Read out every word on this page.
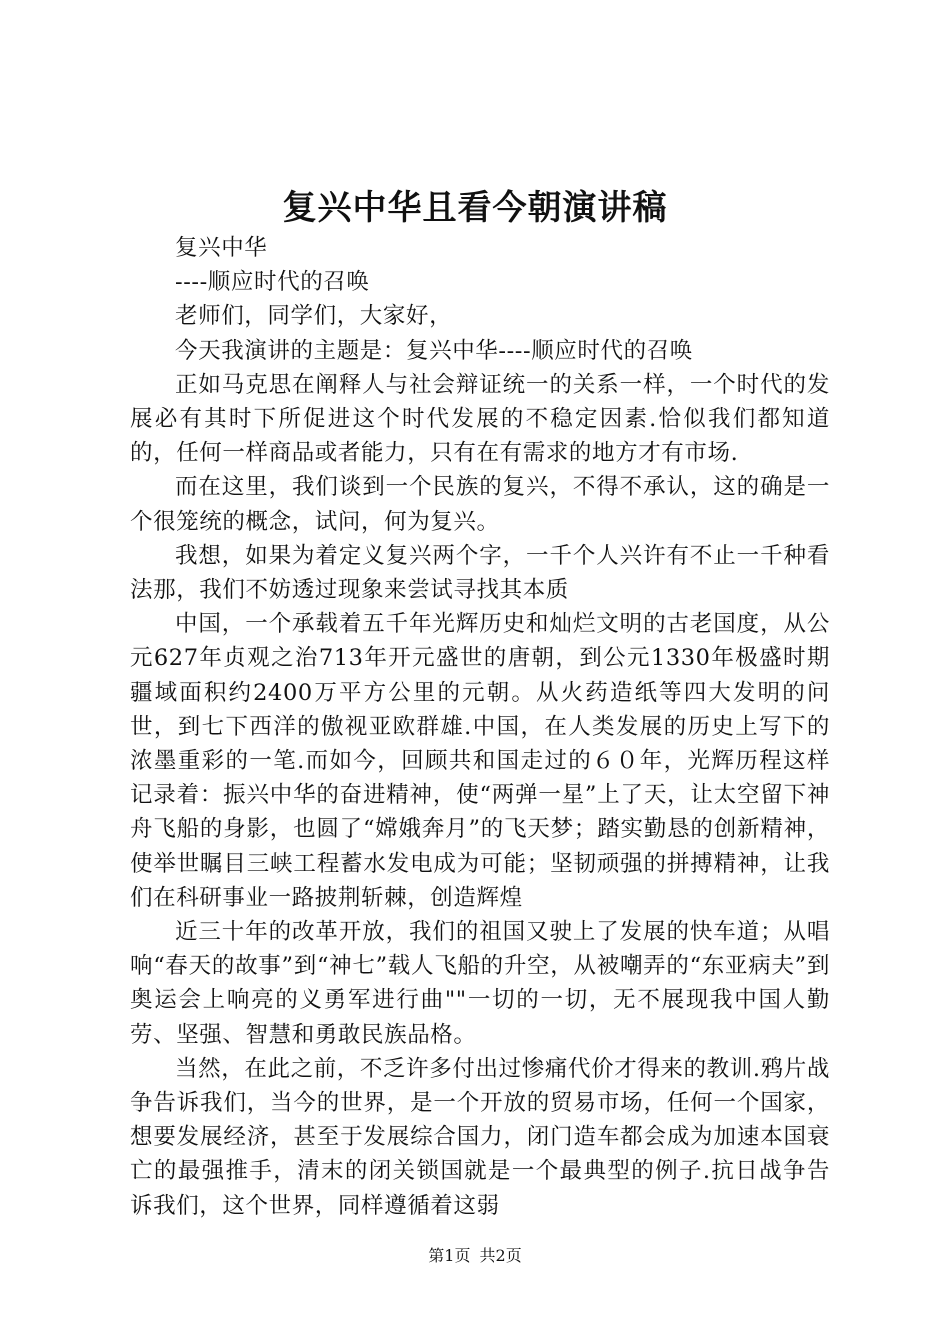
复兴中华且看今朝演讲稿

复兴中华

----顺应时代的召唤

老师们，同学们，大家好，

今天我演讲的主题是：复兴中华----顺应时代的召唤

正如马克思在阐释人与社会辩证统一的关系一样，一个时代的发展必有其时下所促进这个时代发展的不稳定因素.恰似我们都知道的，任何一样商品或者能力，只有在有需求的地方才有市场.

而在这里，我们谈到一个民族的复兴，不得不承认，这的确是一个很笼统的概念，试问，何为复兴。

我想，如果为着定义复兴两个字，一千个人兴许有不止一千种看法那，我们不妨透过现象来尝试寻找其本质

中国，一个承载着五千年光辉历史和灿烂文明的古老国度，从公元627年贞观之治713年开元盛世的唐朝，到公元1330年极盛时期疆域面积约2400万平方公里的元朝。从火药造纸等四大发明的问世，到七下西洋的傲视亚欧群雄.中国，在人类发展的历史上写下的浓墨重彩的一笔.而如今，回顾共和国走过的６０年，光辉历程这样记录着：振兴中华的奋进精神，使“两弹一星”上了天，让太空留下神舟飞船的身影，也圆了“嫦娥奔月”的飞天梦；踏实勤恳的创新精神，使举世瞩目三峡工程蓄水发电成为可能；坚韧顽强的拼搏精神，让我们在科研事业一路披荆斩棘，创造辉煌

近三十年的改革开放，我们的祖国又驶上了发展的快车道；从唱响“春天的故事”到“神七”载人飞船的升空，从被嘲弄的“东亚病夫”到奥运会上响亮的义勇军进行曲""一切的一切，无不展现我中国人勤劳、坚强、智慧和勇敢民族品格。

当然，在此之前，不乏许多付出过惨痛代价才得来的教训.鸦片战争告诉我们，当今的世界，是一个开放的贸易市场，任何一个国家，想要发展经济，甚至于发展综合国力，闭门造车都会成为加速本国衰亡的最强推手，清末的闭关锁国就是一个最典型的例子.抗日战争告诉我们，这个世界，同样遵循着这弱

第1页 共2页
